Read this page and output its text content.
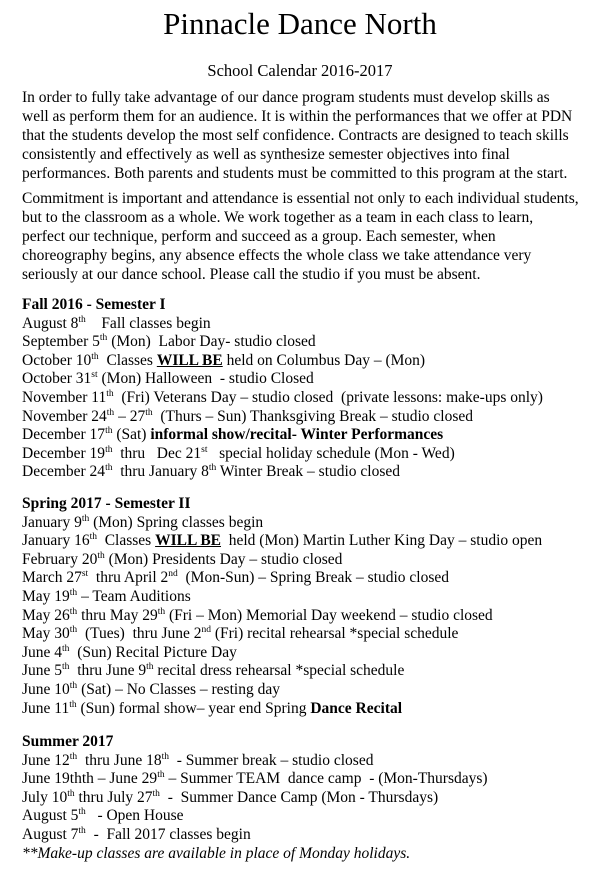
Pinnacle Dance North
School Calendar 2016-2017
In order to fully take advantage of our dance program students must develop skills as
well as perform them for an audience. It is within the performances that we offer at PDN
that the students develop the most self confidence. Contracts are designed to teach skills
consistently and effectively as well as synthesize semester objectives into final
performances. Both parents and students must be committed to this program at the start.
Commitment is important and attendance is essential not only to each individual students,
but to the classroom as a whole. We work together as a team in each class to learn,
perfect our technique, perform and succeed as a group. Each semester, when
choreography begins, any absence effects the whole class we take attendance very
seriously at our dance school. Please call the studio if you must be absent.
Fall 2016 - Semester I
August 8th    Fall classes begin
September 5th (Mon)  Labor Day- studio closed
October 10th  Classes WILL BE held on Columbus Day – (Mon)
October 31st (Mon) Halloween  - studio Closed
November 11th  (Fri) Veterans Day – studio closed  (private lessons: make-ups only)
November 24th – 27th  (Thurs – Sun) Thanksgiving Break – studio closed
December 17th (Sat) informal show/recital- Winter Performances
December 19th  thru   Dec 21st   special holiday schedule (Mon - Wed)
December 24th  thru January 8th Winter Break – studio closed
Spring 2017 - Semester II
January 9th (Mon) Spring classes begin
January 16th  Classes WILL BE  held (Mon) Martin Luther King Day – studio open
February 20th (Mon) Presidents Day – studio closed
March 27st  thru April 2nd  (Mon-Sun) – Spring Break – studio closed
May 19th – Team Auditions
May 26th thru May 29th (Fri – Mon) Memorial Day weekend – studio closed
May 30th  (Tues)  thru June 2nd (Fri) recital rehearsal *special schedule
June 4th  (Sun) Recital Picture Day
June 5th  thru June 9th recital dress rehearsal *special schedule
June 10th (Sat) – No Classes – resting day
June 11th (Sun) formal show– year end Spring Dance Recital
Summer 2017
June 12th  thru June 18th  - Summer break – studio closed
June 19thth – June 29th – Summer TEAM  dance camp  - (Mon-Thursdays)
July 10th thru July 27th  -  Summer Dance Camp (Mon - Thursdays)
August 5th   - Open House
August 7th  -  Fall 2017 classes begin
**Make-up classes are available in place of Monday holidays.
